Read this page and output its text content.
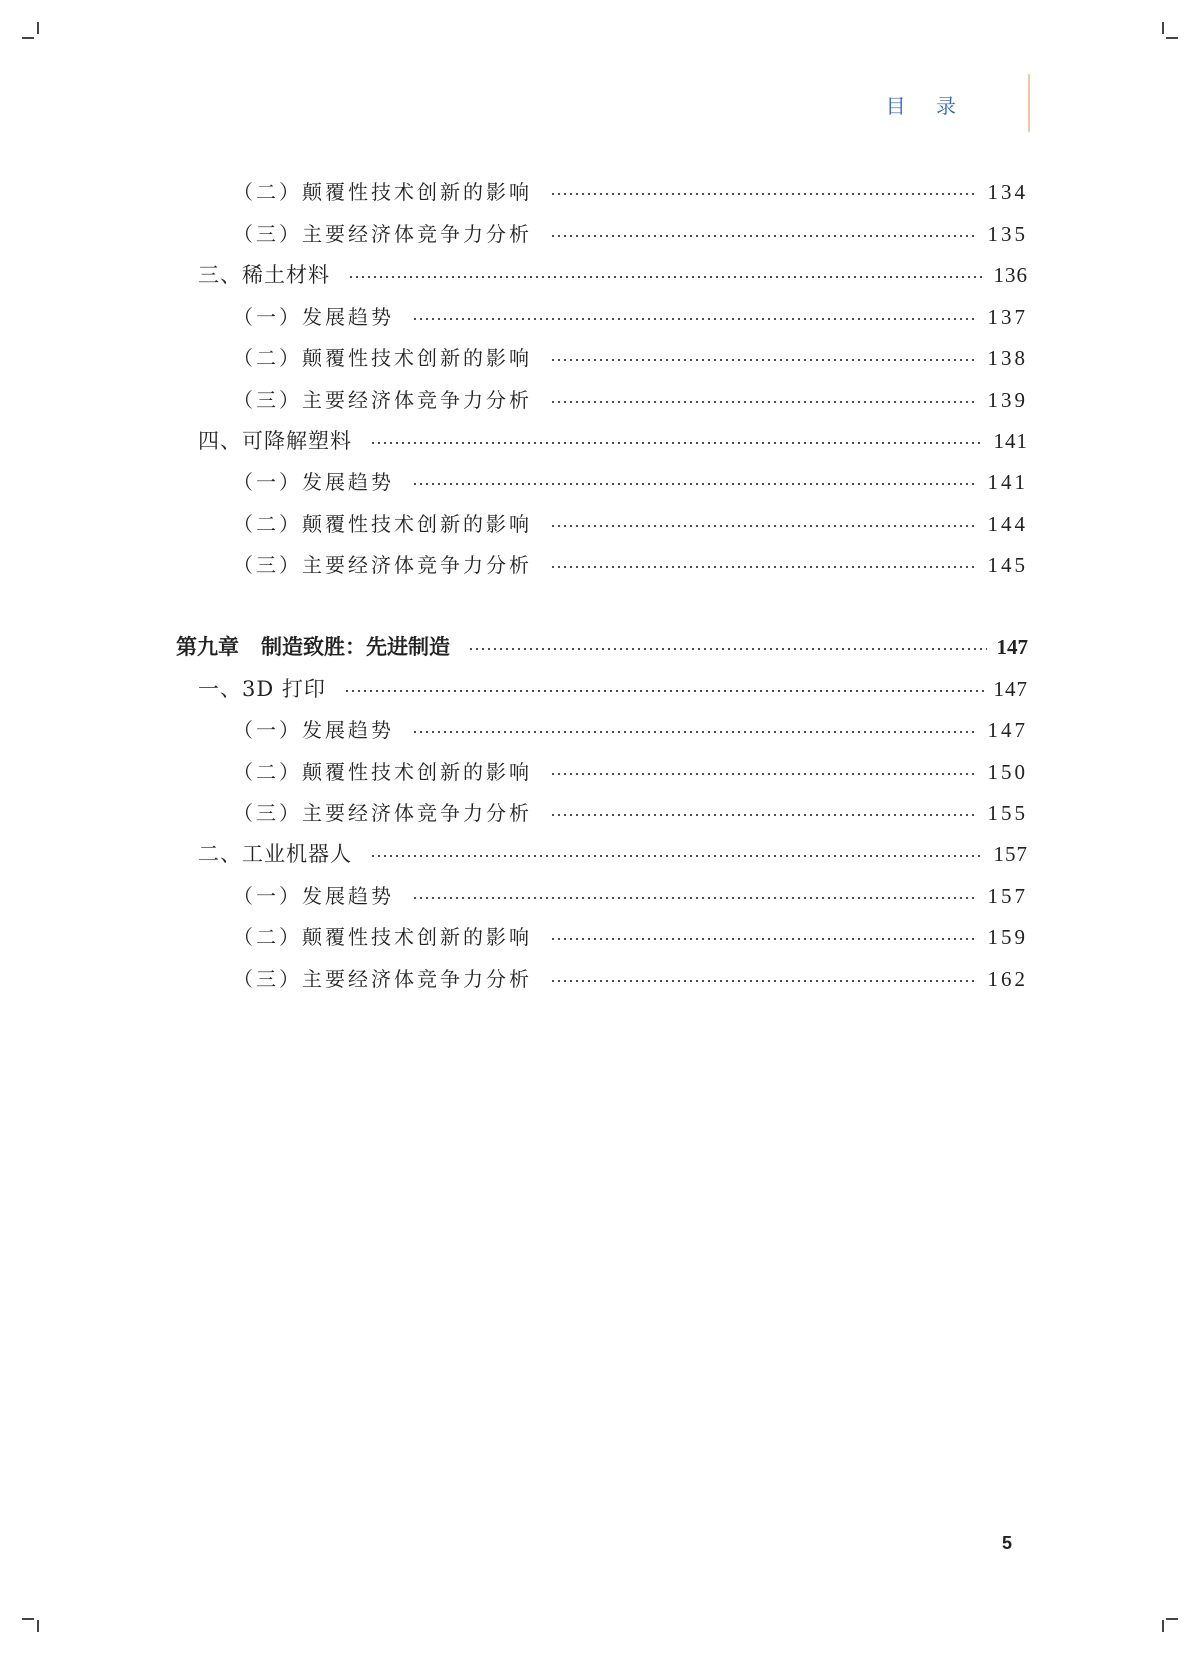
目 录
（二）颠覆性技术创新的影响	134
（三）主要经济体竞争力分析	135
三、稀土材料	136
（一）发展趋势	137
（二）颠覆性技术创新的影响	138
（三）主要经济体竞争力分析	139
四、可降解塑料	141
（一）发展趋势	141
（二）颠覆性技术创新的影响	144
（三）主要经济体竞争力分析	145
第九章 制造致胜：先进制造	147
一、3D 打印	147
（一）发展趋势	147
（二）颠覆性技术创新的影响	150
（三）主要经济体竞争力分析	155
二、工业机器人	157
（一）发展趋势	157
（二）颠覆性技术创新的影响	159
（三）主要经济体竞争力分析	162
5
